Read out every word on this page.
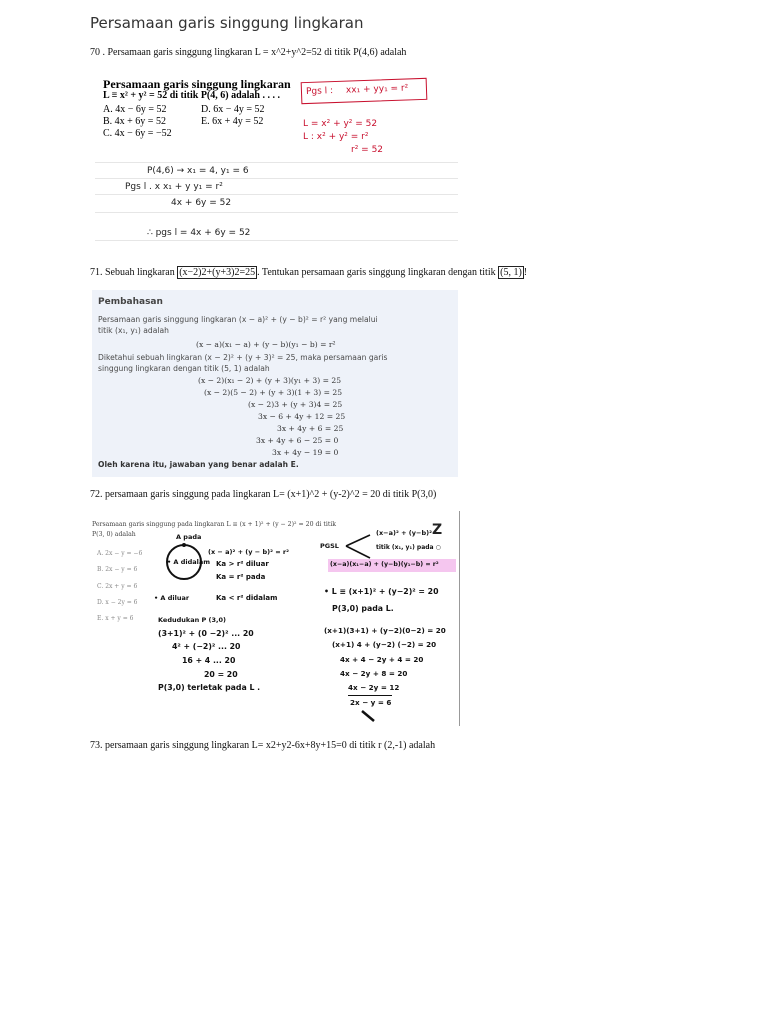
Persamaan garis singgung lingkaran
70 . Persamaan garis singgung lingkaran L = x^2+y^2=52 di titik P(4,6) adalah
Persamaan garis singgung lingkaran
L ≡ x² + y² = 52 di titik P(4, 6) adalah . . . .
A. 4x − 6y = 52
B. 4x + 6y = 52
C. 4x − 6y = −52
D. 6x − 4y = 52
E. 6x + 4y = 52
Pgs l : xx₁ + yy₁ = r²
L = x² + y² = 52
L : x² + y² = r²
r² = 52
P(4,6) → x₁ = 4, y₁ = 6
Pgs l . x x₁ + y y₁ = r²
4x + 6y = 52
∴ pgs l = 4x + 6y = 52
71. Sebuah lingkaran (x−2)2+(y+3)2=25 . Tentukan persamaan garis singgung lingkaran dengan titik (5, 1) !
Pembahasan
Persamaan garis singgung lingkaran (x − a)² + (y − b)² = r² yang melalui
titik (x₁, y₁) adalah
(x − a)(x₁ − a) + (y − b)(y₁ − b) = r²
Diketahui sebuah lingkaran (x − 2)² + (y + 3)² = 25, maka persamaan garis
singgung lingkaran dengan titik (5, 1) adalah
(x − 2)(x₁ − 2) + (y + 3)(y₁ + 3) = 25
(x − 2)(5 − 2) + (y + 3)(1 + 3) = 25
(x − 2)3 + (y + 3)4 = 25
3x − 6 + 4y + 12 = 25
3x + 4y + 6 = 25
3x + 4y + 6 − 25 = 0
3x + 4y − 19 = 0
Oleh karena itu, jawaban yang benar adalah E.
72. persamaan garis singgung pada lingkaran L= (x+1)^2 + (y-2)^2 = 20 di titik P(3,0)
Persamaan garis singgung pada lingkaran L ≡ (x + 1)² + (y − 2)² = 20 di titik
P(3, 0) adalah
A. 2x − y = −6
B. 2x − y = 6
C. 2x + y = 6
D. x − 2y = 6
E. x + y = 6
A pada
• A didalam
• A diluar
(x − a)² + (y − b)² = r²
Ka > r² diluar
Ka = r² pada
Ka < r² didalam
Kedudukan P (3,0)
(3+1)² + (0 −2)² ... 20
4² + (−2)² ... 20
16 + 4 ... 20
20 = 20
P(3,0) terletak pada L .
PGSL
(x−a)² + (y−b)² Z
titik (x₁, y₁) pada ○
(x−a)(x₁−a) + (y−b)(y₁−b) = r²
• L ≡ (x+1)² + (y−2)² = 20
P(3,0) pada L.
(x+1)(3+1) + (y−2)(0−2) = 20
(x+1) 4 + (y−2) (−2) = 20
4x + 4 − 2y + 4 = 20
4x − 2y + 8 = 20
4x − 2y = 12
2x − y = 6
73. persamaan garis singgung lingkaran L= x2+y2-6x+8y+15=0 di titik r (2,-1) adalah
